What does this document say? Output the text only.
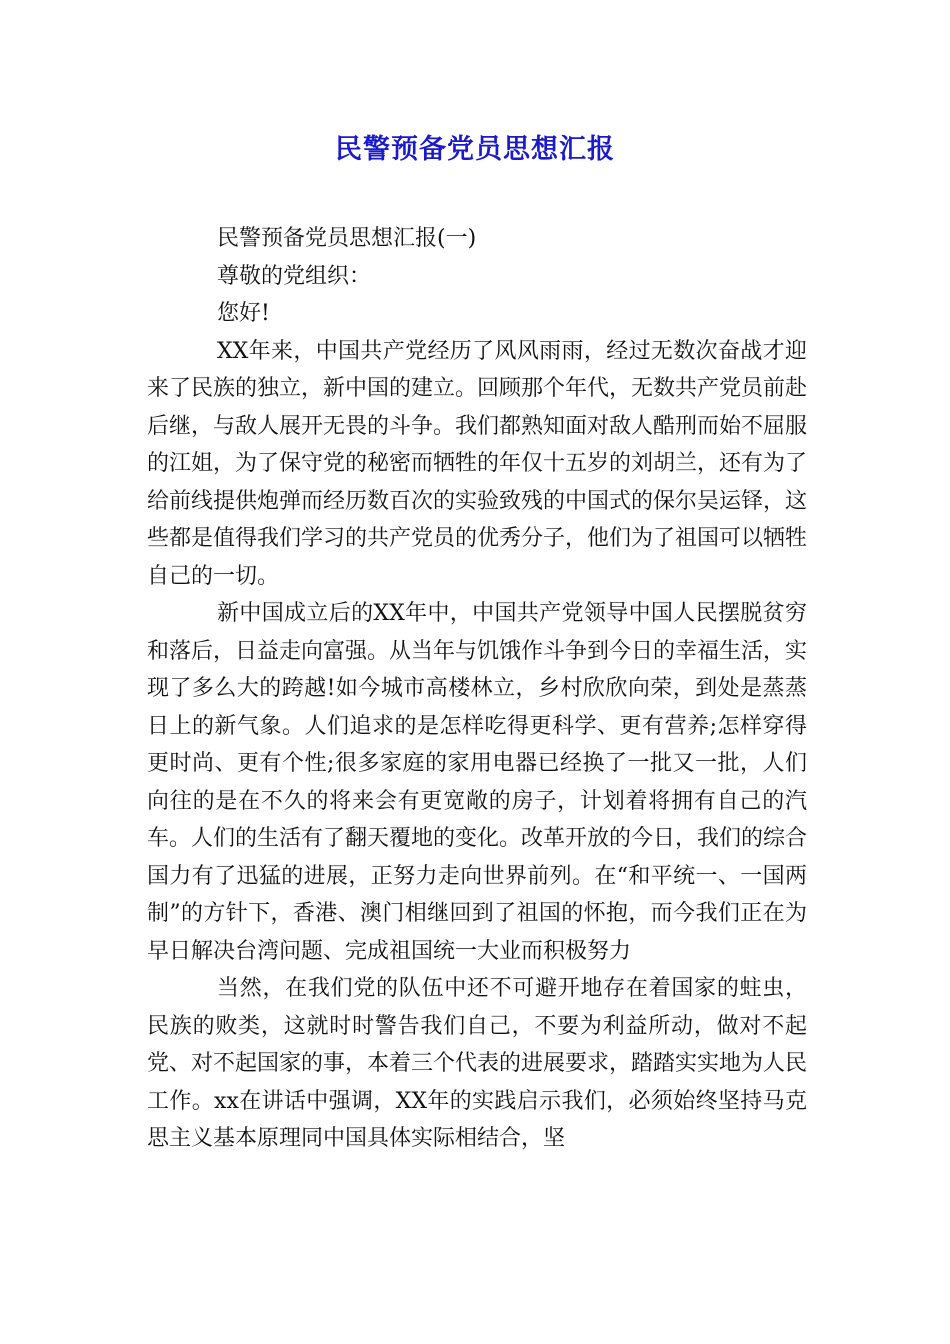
民警预备党员思想汇报

民警预备党员思想汇报(一)

尊敬的党组织：

您好!

XX年来，中国共产党经历了风风雨雨，经过无数次奋战才迎来了民族的独立，新中国的建立。回顾那个年代，无数共产党员前赴后继，与敌人展开无畏的斗争。我们都熟知面对敌人酷刑而始不屈服的江姐，为了保守党的秘密而牺牲的年仅十五岁的刘胡兰，还有为了给前线提供炮弹而经历数百次的实验致残的中国式的保尔吴运铎，这些都是值得我们学习的共产党员的优秀分子，他们为了祖国可以牺牲自己的一切。

新中国成立后的XX年中，中国共产党领导中国人民摆脱贫穷和落后，日益走向富强。从当年与饥饿作斗争到今日的幸福生活，实现了多么大的跨越!如今城市高楼林立，乡村欣欣向荣，到处是蒸蒸日上的新气象。人们追求的是怎样吃得更科学、更有营养;怎样穿得更时尚、更有个性;很多家庭的家用电器已经换了一批又一批，人们向往的是在不久的将来会有更宽敞的房子，计划着将拥有自己的汽车。人们的生活有了翻天覆地的变化。改革开放的今日，我们的综合国力有了迅猛的进展，正努力走向世界前列。在“和平统一、一国两制”的方针下，香港、澳门相继回到了祖国的怀抱，而今我们正在为早日解决台湾问题、完成祖国统一大业而积极努力

当然，在我们党的队伍中还不可避开地存在着国家的蛀虫，民族的败类，这就时时警告我们自己，不要为利益所动，做对不起党、对不起国家的事，本着三个代表的进展要求，踏踏实实地为人民工作。xx在讲话中强调，XX年的实践启示我们，必须始终坚持马克思主义基本原理同中国具体实际相结合，坚
